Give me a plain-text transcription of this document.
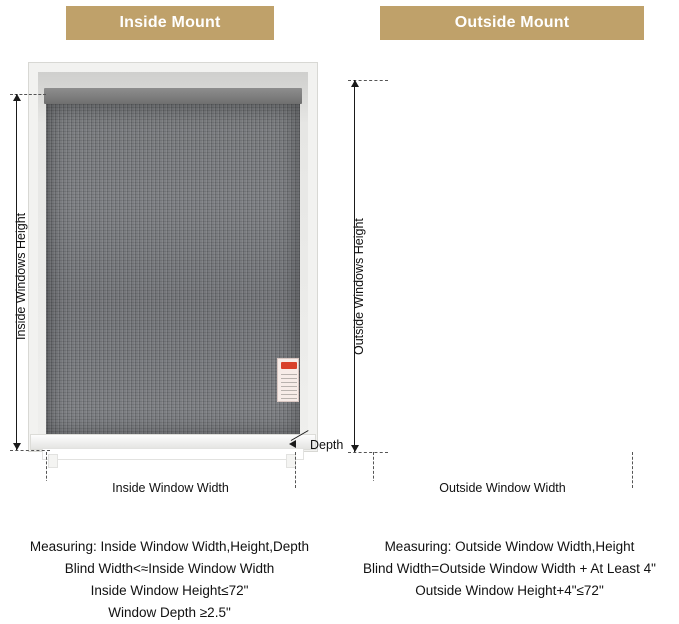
Inside Mount
Inside Windows Height
Inside Window Width
Depth
Measuring: Inside Window Width,Height,Depth
Blind Width<≈Inside Window Width
Inside Window Height≤72"
Window Depth ≥2.5"
Outside Mount
Outside Windows Height
Outside Window Width
Measuring: Outside Window Width,Height
Blind Width=Outside Window Width + At Least 4"
Outside Window Height+4"≤72"
